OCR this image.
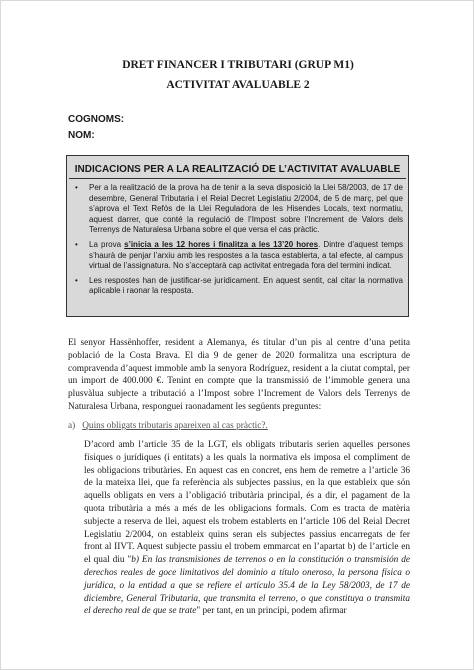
DRET FINANCER I TRIBUTARI (GRUP M1)
ACTIVITAT AVALUABLE 2
COGNOMS:
NOM:
INDICACIONS PER A LA REALITZACIÓ DE L’ACTIVITAT AVALUABLE
• Per a la realització de la prova ha de tenir a la seva disposició la Llei 58/2003, de 17 de desembre, General Tributaria i el Reial Decret Legislatiu 2/2004, de 5 de març, pel que s’aprova el Text Refós de la Llei Reguladora de les Hisendes Locals, text normatiu, aquest darrer, que conté la regulació de l’Impost sobre l’Increment de Valors dels Terrenys de Naturalesa Urbana sobre el que versa el cas pràctic.
• La prova s’inicia a les 12 hores i finalitza a les 13’20 hores. Dintre d’aquest temps s’haurà de penjar l’arxiu amb les respostes a la tasca establerta, a tal efecte, al campus virtual de l’assignatura. No s’acceptarà cap activitat entregada fora del termini indicat.
• Les respostes han de justificar-se jurídicament. En aquest sentit, cal citar la normativa aplicable i raonar la resposta.
El senyor Hassënhoffer, resident a Alemanya, és titular d’un pis al centre d’una petita població de la Costa Brava. El dia 9 de gener de 2020 formalitza una escriptura de compravenda d’aquest immoble amb la senyora Rodríguez, resident a la ciutat comptal, per un import de 400.000 €. Tenint en compte que la transmissió de l’immoble genera una plusvàlua subjecte a tributació a l’Impost sobre l’Increment de Valors dels Terrenys de Naturalesa Urbana, responguei raonadament les següents preguntes:
a) Quins obligats tributaris apareixen al cas pràctic?.
D’acord amb l’article 35 de la LGT, els obligats tributaris serien aquelles persones físiques o jurídiques (i entitats) a les quals la normativa els imposa el compliment de les obligacions tributàries. En aquest cas en concret, ens hem de remetre a l’article 36 de la mateixa llei, que fa referència als subjectes passius, en la que estableix que són aquells obligats en vers a l’obligació tributària principal, és a dir, el pagament de la quota tributària a més a més de les obligacions formals. Com es tracta de matèria subjecte a reserva de llei, aquest els trobem establerts en l’article 106 del Reial Decret Legislatiu 2/2004, on estableix quins seran els subjectes passius encarregats de fer front al IIVT. Aquest subjecte passiu el trobem emmarcat en l’apartat b) de l’article en el qual diu "b) En las transmisiones de terrenos o en la constitución o transmisión de derechos reales de goce limitativos del dominio a título oneroso, la persona física o jurídica, o la entidad a que se refiere el artículo 35.4 de la Ley 58/2003, de 17 de diciembre, General Tributaria, que transmita el terreno, o que constituya o transmita el derecho real de que se trate" per tant, en un principi, podem afirmar
